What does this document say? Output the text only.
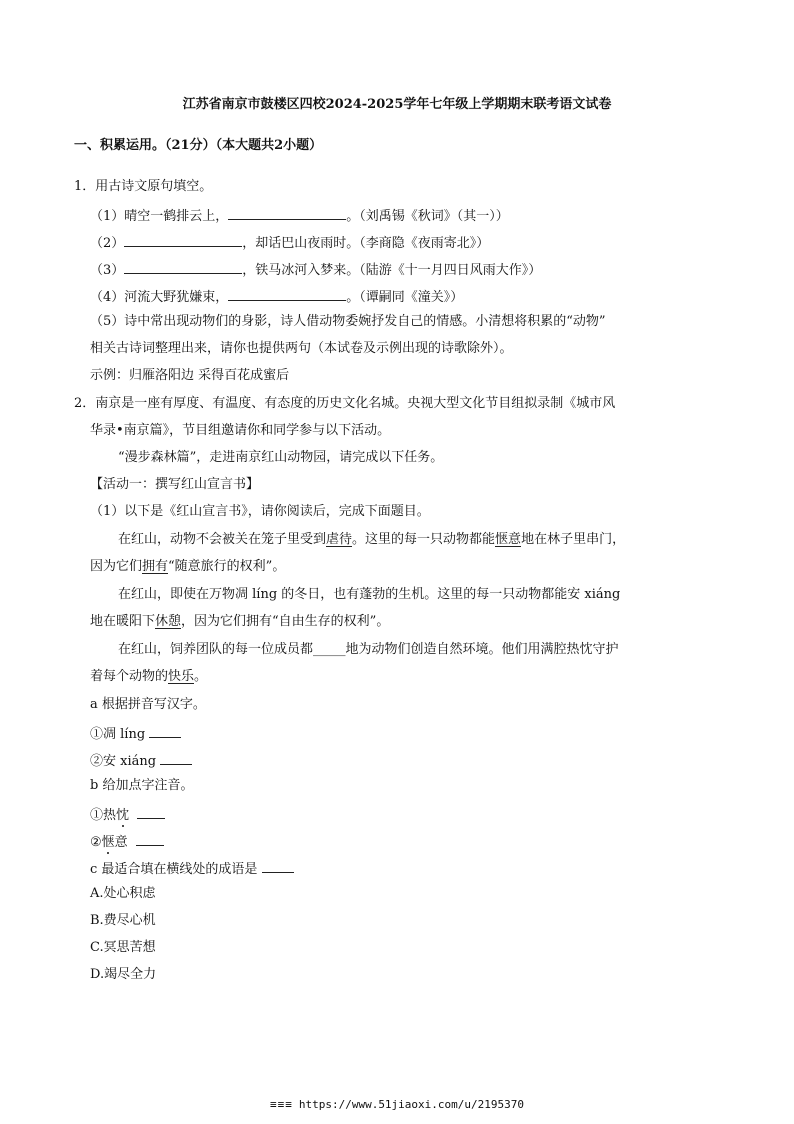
江苏省南京市鼓楼区四校2024-2025学年七年级上学期期末联考语文试卷
一、积累运用。（21分）（本大题共2小题）
1．用古诗文原句填空。
（1）晴空一鹤排云上，	。（刘禹锡《秋词》（其一））
（2）	，却话巴山夜雨时。（李商隐《夜雨寄北》）
（3）	，铁马冰河入梦来。（陆游《十一月四日风雨大作》）
（4）河流大野犹嫌束，	。（谭嗣同《潼关》）
（5）诗中常出现动物们的身影，诗人借动物委婉抒发自己的情感。小清想将积累的“动物”
相关古诗词整理出来，请你也提供两句（本试卷及示例出现的诗歌除外）。
示例：归雁洛阳边 采得百花成蜜后
2．南京是一座有厚度、有温度、有态度的历史文化名城。央视大型文化节目组拟录制《城市风
华录•南京篇》，节目组邀请你和同学参与以下活动。
“漫步森林篇”，走进南京红山动物园，请完成以下任务。
【活动一：撰写红山宣言书】
（1）以下是《红山宣言书》，请你阅读后，完成下面题目。
在红山，动物不会被关在笼子里受到虐待。这里的每一只动物都能惬意地在林子里串门，
因为它们拥有“随意旅行的权利”。
在红山，即使在万物凋 líng 的冬日，也有蓬勃的生机。这里的每一只动物都能安 xiáng
地在暖阳下休憩，因为它们拥有“自由生存的权利”。
在红山，饲养团队的每一位成员都_____地为动物们创造自然环境。他们用满腔热忱守护
着每个动物的快乐。
a 根据拼音写汉字。
①凋 líng
②安 xiáng
b 给加点字注音。
①热忱
②惬意
c 最适合填在横线处的成语是
A.处心积虑
B.费尽心机
C.冥思苦想
D.竭尽全力
≡≡≡ https://www.51jiaoxi.com/u/2195370
